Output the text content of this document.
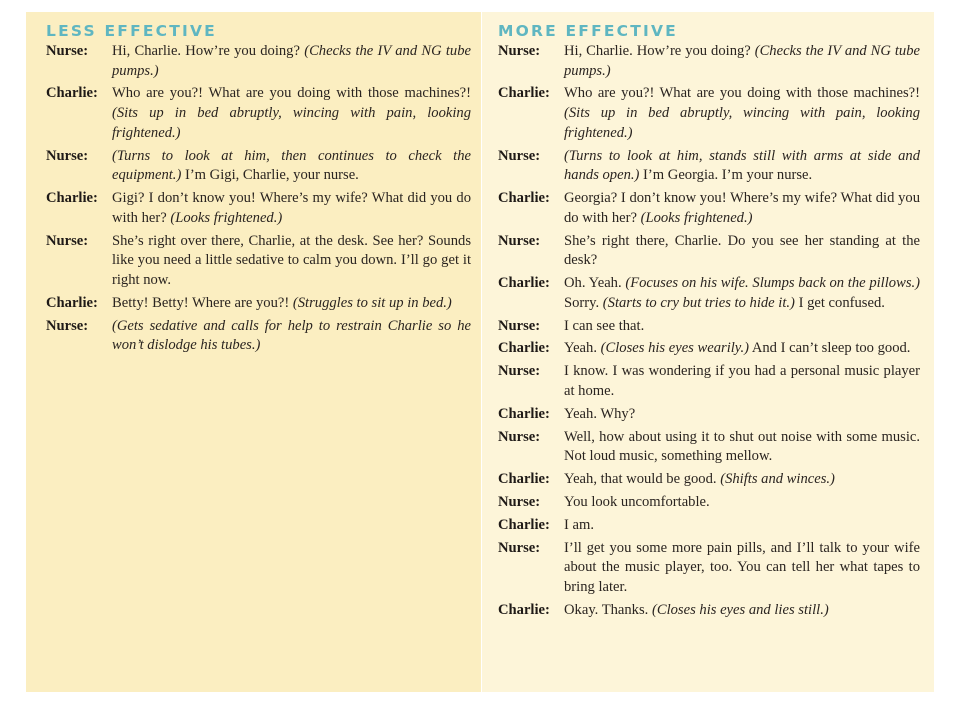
LESS EFFECTIVE
Nurse:	Hi, Charlie. How’re you doing? (Checks the IV and NG tube pumps.)
Charlie: Who are you?! What are you doing with those machines?! (Sits up in bed abruptly, wincing with pain, looking frightened.)
Nurse:	(Turns to look at him, then continues to check the equipment.) I’m Gigi, Charlie, your nurse.
Charlie: Gigi? I don’t know you! Where’s my wife? What did you do with her? (Looks frightened.)
Nurse:	She’s right over there, Charlie, at the desk. See her? Sounds like you need a little sedative to calm you down. I’ll go get it right now.
Charlie: Betty! Betty! Where are you?! (Struggles to sit up in bed.)
Nurse:	(Gets sedative and calls for help to restrain Charlie so he won’t dislodge his tubes.)
MORE EFFECTIVE
Nurse:	Hi, Charlie. How’re you doing? (Checks the IV and NG tube pumps.)
Charlie: Who are you?! What are you doing with those machines?! (Sits up in bed abruptly, wincing with pain, looking frightened.)
Nurse:	(Turns to look at him, stands still with arms at side and hands open.) I’m Georgia. I’m your nurse.
Charlie: Georgia? I don’t know you! Where’s my wife? What did you do with her? (Looks frightened.)
Nurse:	She’s right there, Charlie. Do you see her standing at the desk?
Charlie: Oh. Yeah. (Focuses on his wife. Slumps back on the pillows.) Sorry. (Starts to cry but tries to hide it.) I get confused.
Nurse:	I can see that.
Charlie: Yeah. (Closes his eyes wearily.) And I can’t sleep too good.
Nurse:	I know. I was wondering if you had a personal music player at home.
Charlie: Yeah. Why?
Nurse:	Well, how about using it to shut out noise with some music. Not loud music, something mellow.
Charlie: Yeah, that would be good. (Shifts and winces.)
Nurse:	You look uncomfortable.
Charlie: I am.
Nurse:	I’ll get you some more pain pills, and I’ll talk to your wife about the music player, too. You can tell her what tapes to bring later.
Charlie: Okay. Thanks. (Closes his eyes and lies still.)
